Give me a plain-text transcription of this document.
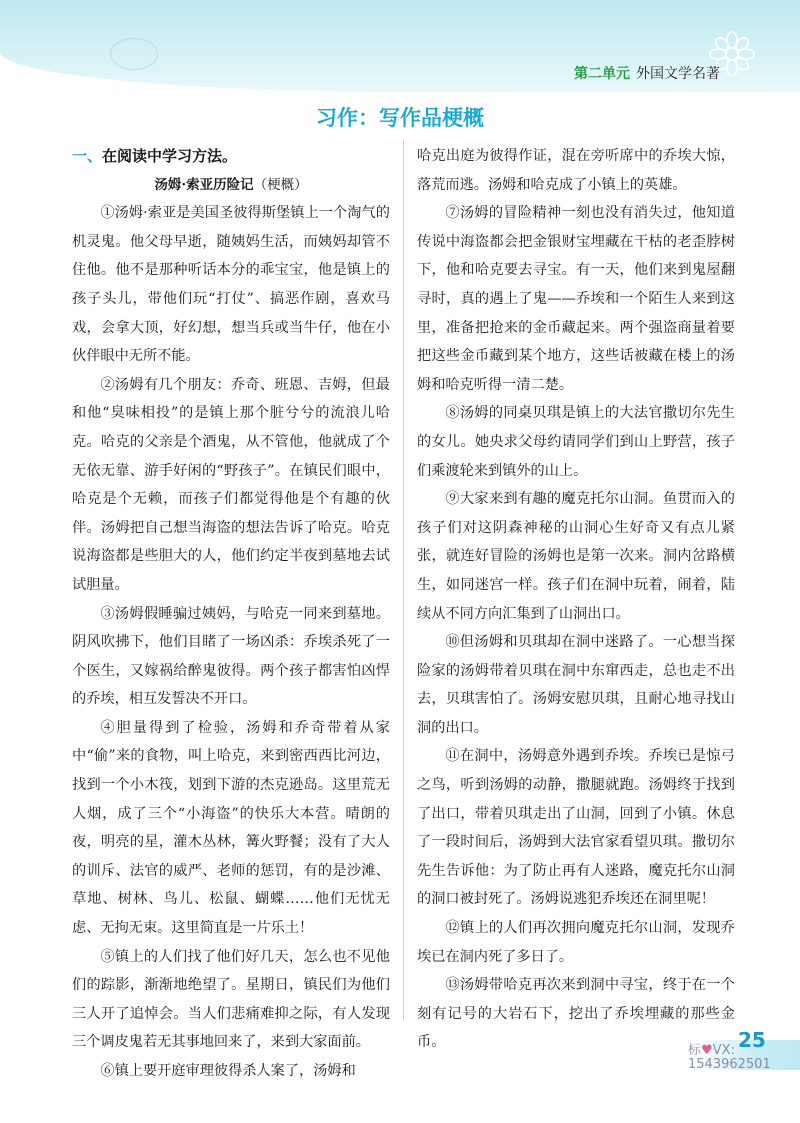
第二单元 外国文学名著
习作：写作品梗概

一、在阅读中学习方法。

汤姆·索亚历险记（梗概）

①汤姆·索亚是美国圣彼得斯堡镇上一个淘气的机灵鬼。他父母早逝，随姨妈生活，而姨妈却管不住他。他不是那种听话本分的乖宝宝，他是镇上的孩子头儿，带他们玩“打仗”、搞恶作剧，喜欢马戏，会拿大顶，好幻想，想当兵或当牛仔，他在小伙伴眼中无所不能。

②汤姆有几个朋友：乔奇、班恩、吉姆，但最和他“臭味相投”的是镇上那个脏兮兮的流浪儿哈克。哈克的父亲是个酒鬼，从不管他，他就成了个无依无靠、游手好闲的“野孩子”。在镇民们眼中，哈克是个无赖，而孩子们都觉得他是个有趣的伙伴。汤姆把自己想当海盗的想法告诉了哈克。哈克说海盗都是些胆大的人，他们约定半夜到墓地去试试胆量。

③汤姆假睡骗过姨妈，与哈克一同来到墓地。阴风吹拂下，他们目睹了一场凶杀：乔埃杀死了一个医生，又嫁祸给醉鬼彼得。两个孩子都害怕凶悍的乔埃，相互发誓决不开口。

④胆量得到了检验，汤姆和乔奇带着从家中“偷”来的食物，叫上哈克，来到密西西比河边，找到一个小木筏，划到下游的杰克逊岛。这里荒无人烟，成了三个“小海盗”的快乐大本营。晴朗的夜，明亮的星，灌木丛林，篝火野餐；没有了大人的训斥、法官的威严、老师的惩罚，有的是沙滩、草地、树林、鸟儿、松鼠、蝴蝶……他们无忧无虑、无拘无束。这里简直是一片乐土！

⑤镇上的人们找了他们好几天，怎么也不见他们的踪影，渐渐地绝望了。星期日，镇民们为他们三人开了追悼会。当人们悲痛难抑之际，有人发现三个调皮鬼若无其事地回来了，来到大家面前。

⑥镇上要开庭审理彼得杀人案了，汤姆和

哈克出庭为彼得作证，混在旁听席中的乔埃大惊，落荒而逃。汤姆和哈克成了小镇上的英雄。

⑦汤姆的冒险精神一刻也没有消失过，他知道传说中海盗都会把金银财宝埋藏在干枯的老歪脖树下，他和哈克要去寻宝。有一天，他们来到鬼屋翻寻时，真的遇上了鬼——乔埃和一个陌生人来到这里，准备把抢来的金币藏起来。两个强盗商量着要把这些金币藏到某个地方，这些话被藏在楼上的汤姆和哈克听得一清二楚。

⑧汤姆的同桌贝琪是镇上的大法官撒切尔先生的女儿。她央求父母约请同学们到山上野营，孩子们乘渡轮来到镇外的山上。

⑨大家来到有趣的魔克托尔山洞。鱼贯而入的孩子们对这阴森神秘的山洞心生好奇又有点儿紧张，就连好冒险的汤姆也是第一次来。洞内岔路横生，如同迷宫一样。孩子们在洞中玩着，闹着，陆续从不同方向汇集到了山洞出口。

⑩但汤姆和贝琪却在洞中迷路了。一心想当探险家的汤姆带着贝琪在洞中东窜西走，总也走不出去，贝琪害怕了。汤姆安慰贝琪，且耐心地寻找山洞的出口。

⑪在洞中，汤姆意外遇到乔埃。乔埃已是惊弓之鸟，听到汤姆的动静，撒腿就跑。汤姆终于找到了出口，带着贝琪走出了山洞，回到了小镇。休息了一段时间后，汤姆到大法官家看望贝琪。撒切尔先生告诉他：为了防止再有人迷路，魔克托尔山洞的洞口被封死了。汤姆说逃犯乔埃还在洞里呢！

⑫镇上的人们再次拥向魔克托尔山洞，发现乔埃已在洞内死了多日了。

⑬汤姆带哈克再次来到洞中寻宝，终于在一个刻有记号的大岩石下，挖出了乔埃埋藏的那些金币。	25
标♥VX:
1543962501
